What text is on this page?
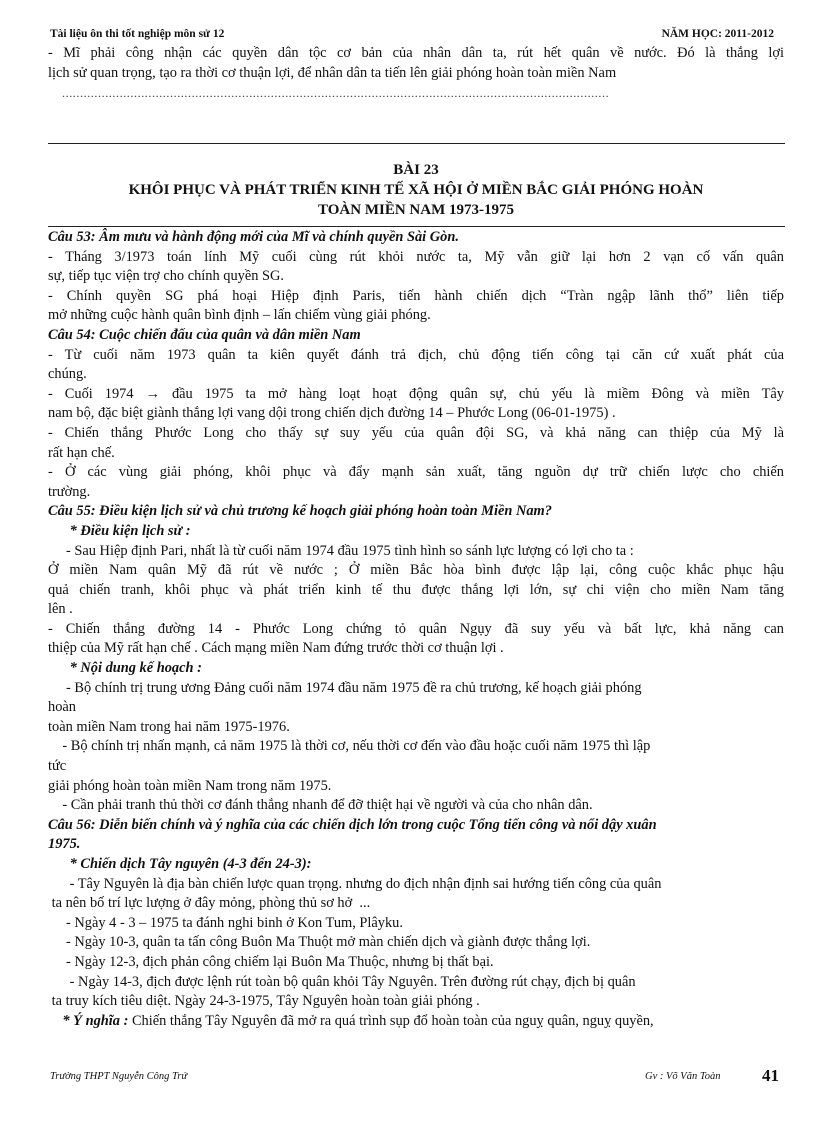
Tài liệu ôn thi tốt nghiệp môn sử 12	NĂM HỌC: 2011-2012
- Mĩ phải công nhận các quyền dân tộc cơ bản của nhân dân ta, rút hết quân về nước. Đó là thắng lợi
lịch sử quan trọng, tạo ra thời cơ thuận lợi, để nhân dân ta tiến lên giải phóng hoàn toàn miền Nam
........................................................................................................................................................
BÀI 23
KHÔI PHỤC VÀ PHÁT TRIỂN KINH TẾ XÃ HỘI Ở MIỀN BẮC GIẢI PHÓNG HOÀN
TOÀN MIỀN NAM 1973-1975
Câu 53: Âm mưu và hành động mới của Mĩ và chính quyền Sài Gòn.
- Tháng 3/1973 toán lính Mỹ cuối cùng rút khỏi nước ta, Mỹ vẫn giữ lại hơn 2 vạn cố vấn quân
sự, tiếp tục viện trợ cho chính quyền SG.
- Chính quyền SG phá hoại Hiệp định Paris, tiến hành chiến dịch “Tràn ngập lãnh thổ” liên tiếp
mở những cuộc hành quân bình định – lấn chiếm vùng giải phóng.
Câu 54: Cuộc chiến đấu của quân và dân miền Nam
- Từ cuối năm 1973 quân ta kiên quyết đánh trả địch, chủ động tiến công tại căn cứ xuất phát của
chúng.
- Cuối 1974 → đầu 1975 ta mở hàng loạt hoạt động quân sự, chủ yếu là miềm Đông và miền Tây
nam bộ, đặc biệt giành thắng lợi vang dội trong chiến dịch đường 14 – Phước Long (06-01-1975) .
- Chiến thắng Phước Long cho thấy sự suy yếu của quân đội SG, và khả năng can thiệp của Mỹ là
rất hạn chế.
- Ở các vùng giải phóng, khôi phục và đẩy mạnh sản xuất, tăng nguồn dự trữ chiến lược cho chiến
trường.
Câu 55: Điều kiện lịch sử và chủ trương kế hoạch giải phóng hoàn toàn Miền Nam?
* Điều kiện lịch sử :
- Sau Hiệp định Pari, nhất là từ cuối năm 1974 đầu 1975 tình hình so sánh lực lượng có lợi cho ta :
Ở miền Nam quân Mỹ đã rút về nước ; Ở miền Bắc hòa bình được lập lại, công cuộc khắc phục hậu
quả chiến tranh, khôi phục và phát triển kinh tế thu được thắng lợi lớn, sự chi viện cho miền Nam tăng
lên .
- Chiến thắng đường 14 - Phước Long chứng tỏ quân Ngụy đã suy yếu và bất lực, khả năng can
thiệp của Mỹ rất hạn chế . Cách mạng miền Nam đứng trước thời cơ thuận lợi .
* Nội dung kế hoạch :
- Bộ chính trị trung ương Đảng cuối năm 1974 đầu năm 1975 đề ra chủ trương, kế hoạch giải phóng
hoàn
toàn miền Nam trong hai năm 1975-1976.
- Bộ chính trị nhấn mạnh, cả năm 1975 là thời cơ, nếu thời cơ đến vào đầu hoặc cuối năm 1975 thì lập
tức
giải phóng hoàn toàn miền Nam trong năm 1975.
- Cần phải tranh thủ thời cơ đánh thắng nhanh để đỡ thiệt hại về người và của cho nhân dân.
Câu 56: Diễn biến chính và ý nghĩa của các chiến dịch lớn trong cuộc Tổng tiến công và nổi dậy xuân
1975.
* Chiến dịch Tây nguyên (4-3 đến 24-3):
- Tây Nguyên là địa bàn chiến lược quan trọng. nhưng do địch nhận định sai hướng tiến công của quân
ta nên bố trí lực lượng ở đây mỏng, phòng thủ sơ hở  ...
- Ngày 4 - 3 – 1975 ta đánh nghi binh ở Kon Tum, Plâyku.
- Ngày 10-3, quân ta tấn công Buôn Ma Thuột mở màn chiến dịch và giành được thắng lợi.
- Ngày 12-3, địch phản công chiếm lại Buôn Ma Thuộc, nhưng bị thất bại.
- Ngày 14-3, địch được lệnh rút toàn bộ quân khỏi Tây Nguyên. Trên đường rút chạy, địch bị quân
ta truy kích tiêu diệt. Ngày 24-3-1975, Tây Nguyên hoàn toàn giải phóng .
* Ý nghĩa : Chiến thắng Tây Nguyên đã mở ra quá trình sụp đổ hoàn toàn của nguỵ quân, nguỵ quyền,
Trường THPT Nguyễn Công Trứ	Gv : Võ Văn Toàn 41
